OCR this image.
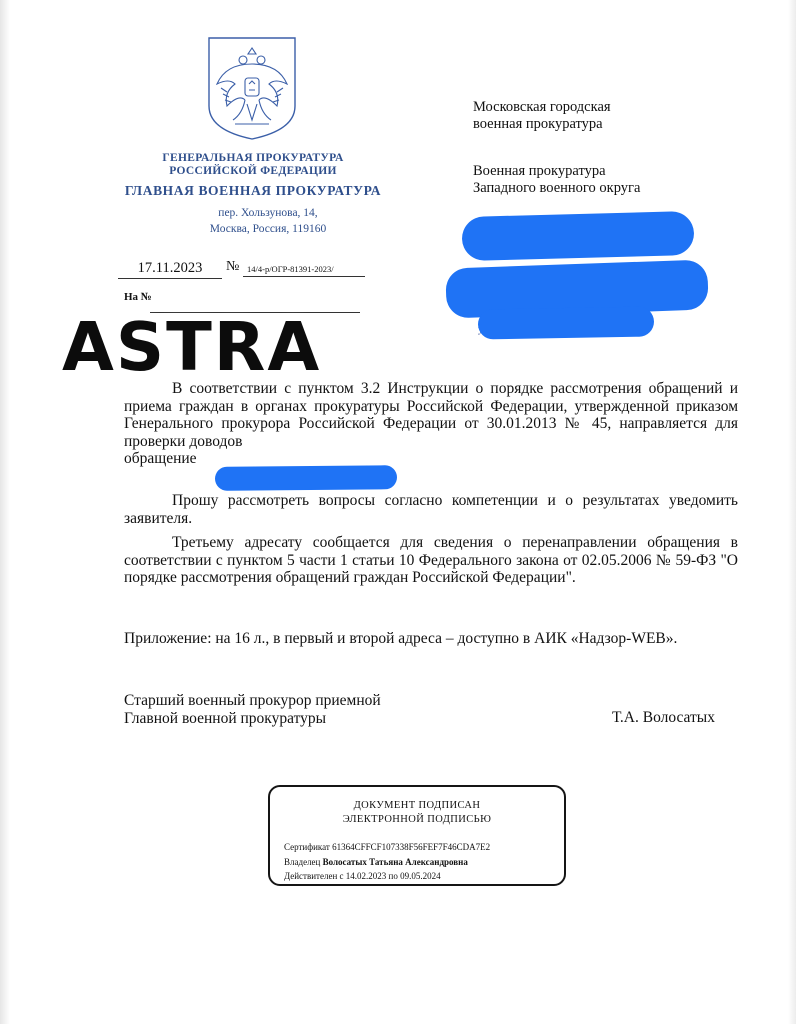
ГЕНЕРАЛЬНАЯ ПРОКУРАТУРА
РОССИЙСКОЙ ФЕДЕРАЦИИ
ГЛАВНАЯ ВОЕННАЯ ПРОКУРАТУРА
пер. Хользунова, 14,
Москва, Россия, 119160
17.11.2023	№ 14/4-р/ОГР-81391-2023/
На №
Московская городская
военная прокуратура
Военная прокуратура
Западного военного округа
ASTRA
В соответствии с пунктом 3.2 Инструкции о порядке рассмотрения обращений и приема граждан в органах прокуратуры Российской Федерации, утвержденной приказом Генерального прокурора Российской Федерации от 30.01.2013 № 45, направляется для проверки доводов
обращение
Прошу рассмотреть вопросы согласно компетенции и о результатах уведомить заявителя.
Третьему адресату сообщается для сведения о перенаправлении обращения в соответствии с пунктом 5 части 1 статьи 10 Федерального закона от 02.05.2006 № 59-ФЗ "О порядке рассмотрения обращений граждан Российской Федерации".
Приложение: на 16 л., в первый и второй адреса – доступно в АИК «Надзор-WEB».
Старший военный прокурор приемной
Главной военной прокуратуры	Т.А. Волосатых
ДОКУМЕНТ ПОДПИСАН
ЭЛЕКТРОННОЙ ПОДПИСЬЮ
Сертификат 61364CFFCF107338F56FEF7F46CDA7E2
Владелец Волосатых Татьяна Александровна
Действителен с 14.02.2023 по 09.05.2024
